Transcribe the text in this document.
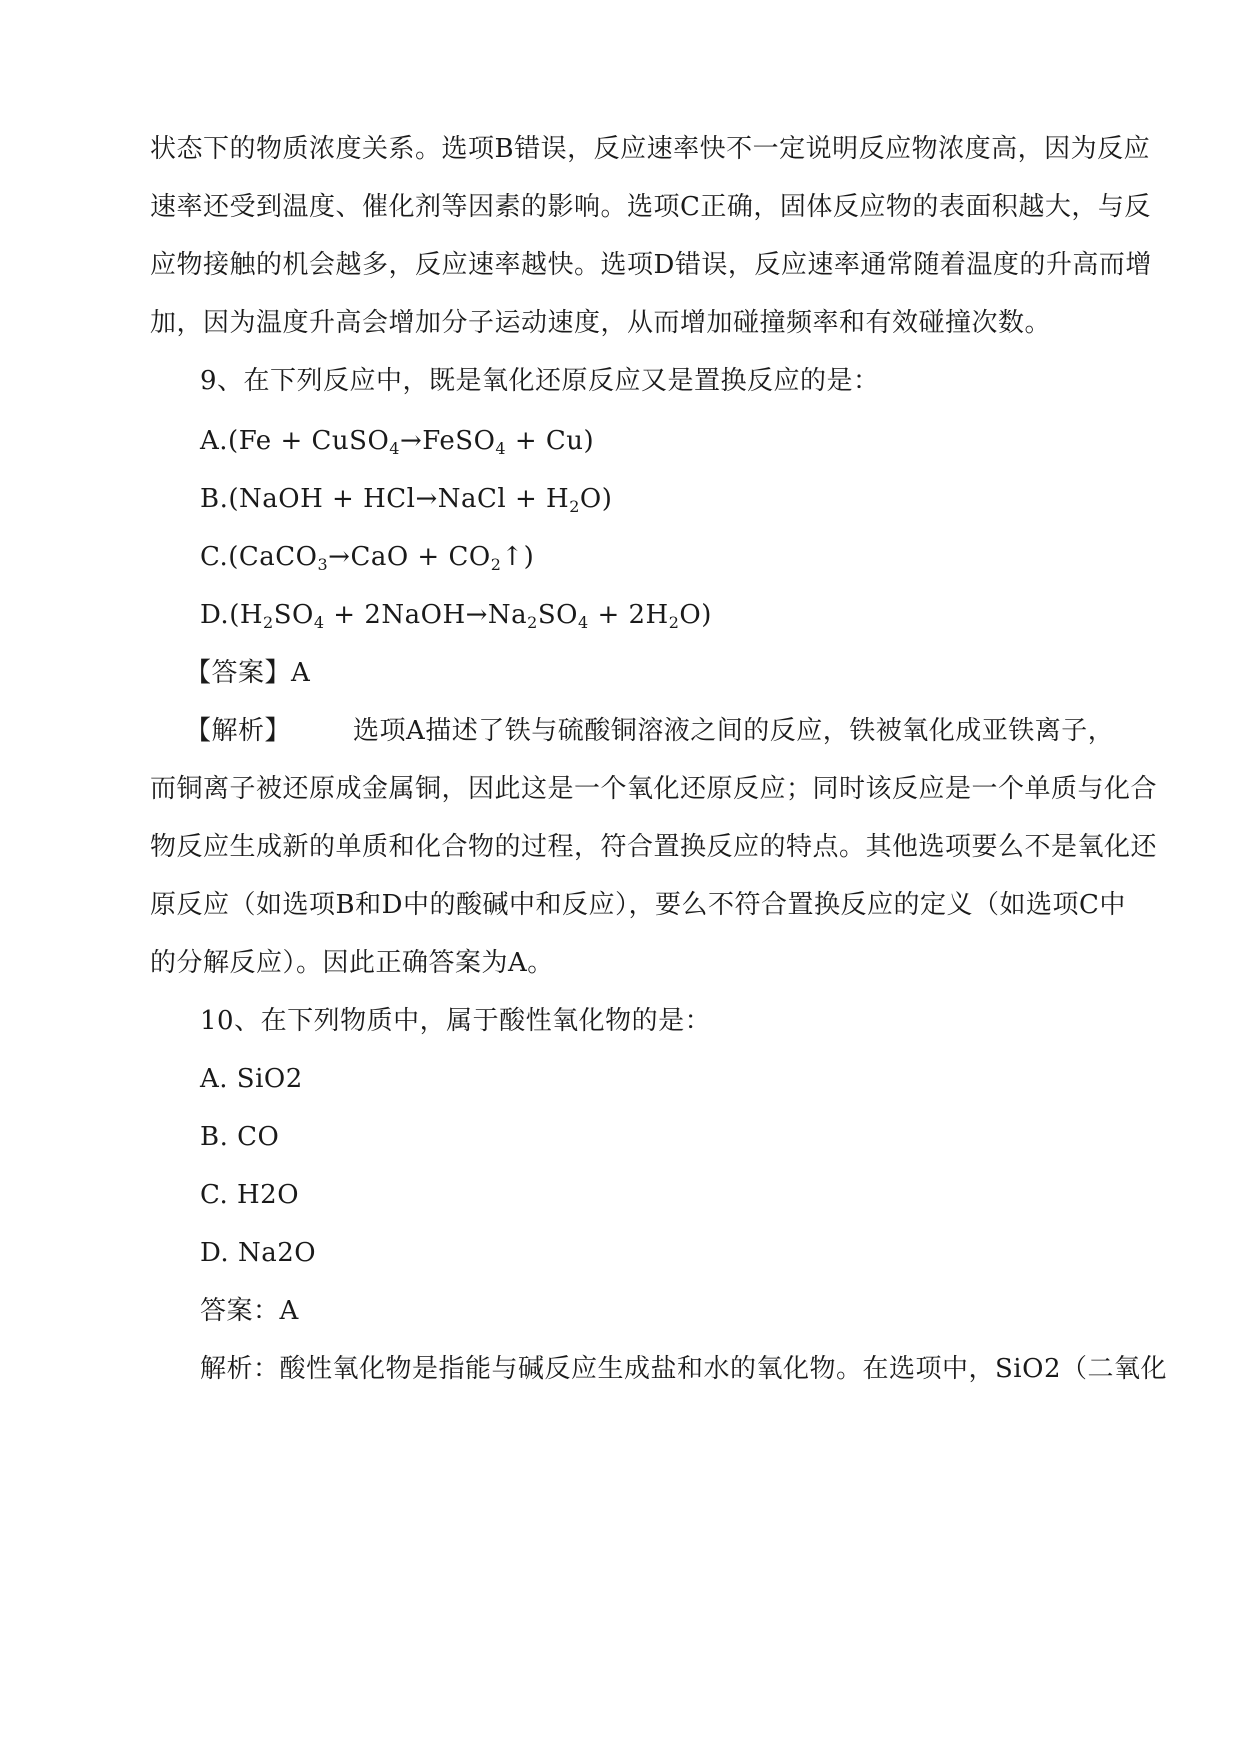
状态下的物质浓度关系。选项B错误，反应速率快不一定说明反应物浓度高，因为反应
速率还受到温度、催化剂等因素的影响。选项C正确，固体反应物的表面积越大，与反
应物接触的机会越多，反应速率越快。选项D错误，反应速率通常随着温度的升高而增
加，因为温度升高会增加分子运动速度，从而增加碰撞频率和有效碰撞次数。
9、在下列反应中，既是氧化还原反应又是置换反应的是：
A.(Fe + CuSO$_4$→FeSO$_4$ + Cu)
B.(NaOH + HCl→NaCl + $H_2O$)
C.(CaCO$_3$→CaO + $CO_2↑$)
$D.(H_2SO_4$ + $2NaOH\to Na_2SO_4 + 2H_2O$)
【答案】A
【解析】 选项A描述了铁与硫酸铜溶液之间的反应，铁被氧化成亚铁离子，
而铜离子被还原成金属铜，因此这是一个氧化还原反应；同时该反应是一个单质与化合
物反应生成新的单质和化合物的过程，符合置换反应的特点。其他选项要么不是氧化还
原反应（如选项B和D中的酸碱中和反应），要么不符合置换反应的定义（如选项C中
的分解反应）。因此正确答案为A。
10、在下列物质中，属于酸性氧化物的是：
A. SiO2
B. CO
C. H2O
D. Na2O
答案：A
解析：酸性氧化物是指能与碱反应生成盐和水的氧化物。在选项中，SiO2（二氧化
